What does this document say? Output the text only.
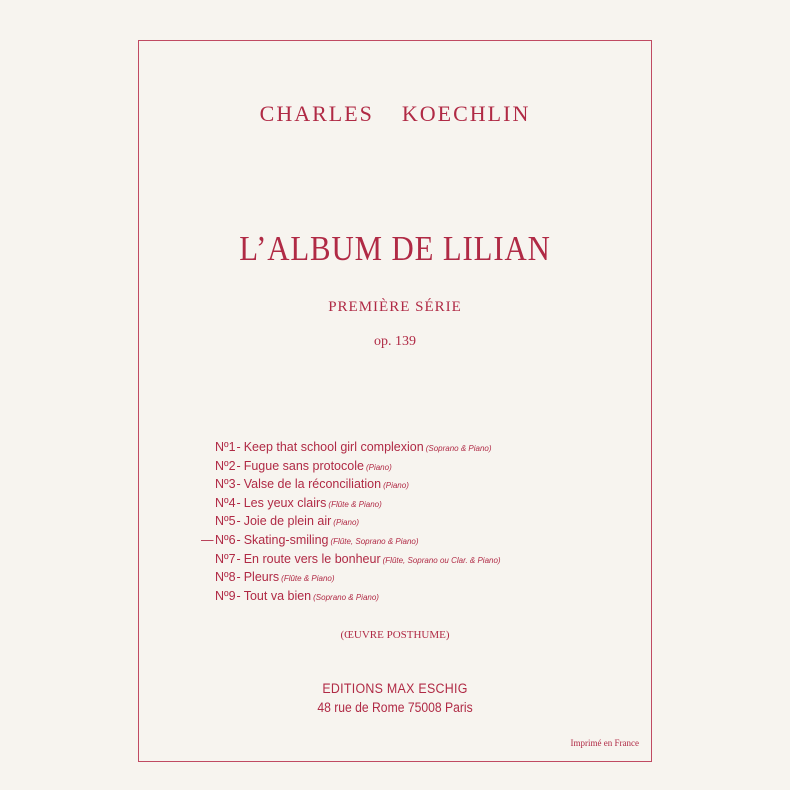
CHARLES KOECHLIN
L’ALBUM DE LILIAN
PREMIÈRE SÉRIE
op. 139
Nº1- Keep that school girl complexion (Soprano & Piano)
Nº2- Fugue sans protocole (Piano)
Nº3- Valse de la réconciliation (Piano)
Nº4- Les yeux clairs (Flûte & Piano)
Nº5- Joie de plein air (Piano)
— Nº6- Skating-smiling (Flûte, Soprano & Piano)
Nº7- En route vers le bonheur (Flûte, Soprano ou Clar. & Piano)
Nº8- Pleurs (Flûte & Piano)
Nº9- Tout va bien (Soprano & Piano)
(ŒUVRE POSTHUME)
EDITIONS MAX ESCHIG
48 rue de Rome 75008 Paris
Imprimé en France
